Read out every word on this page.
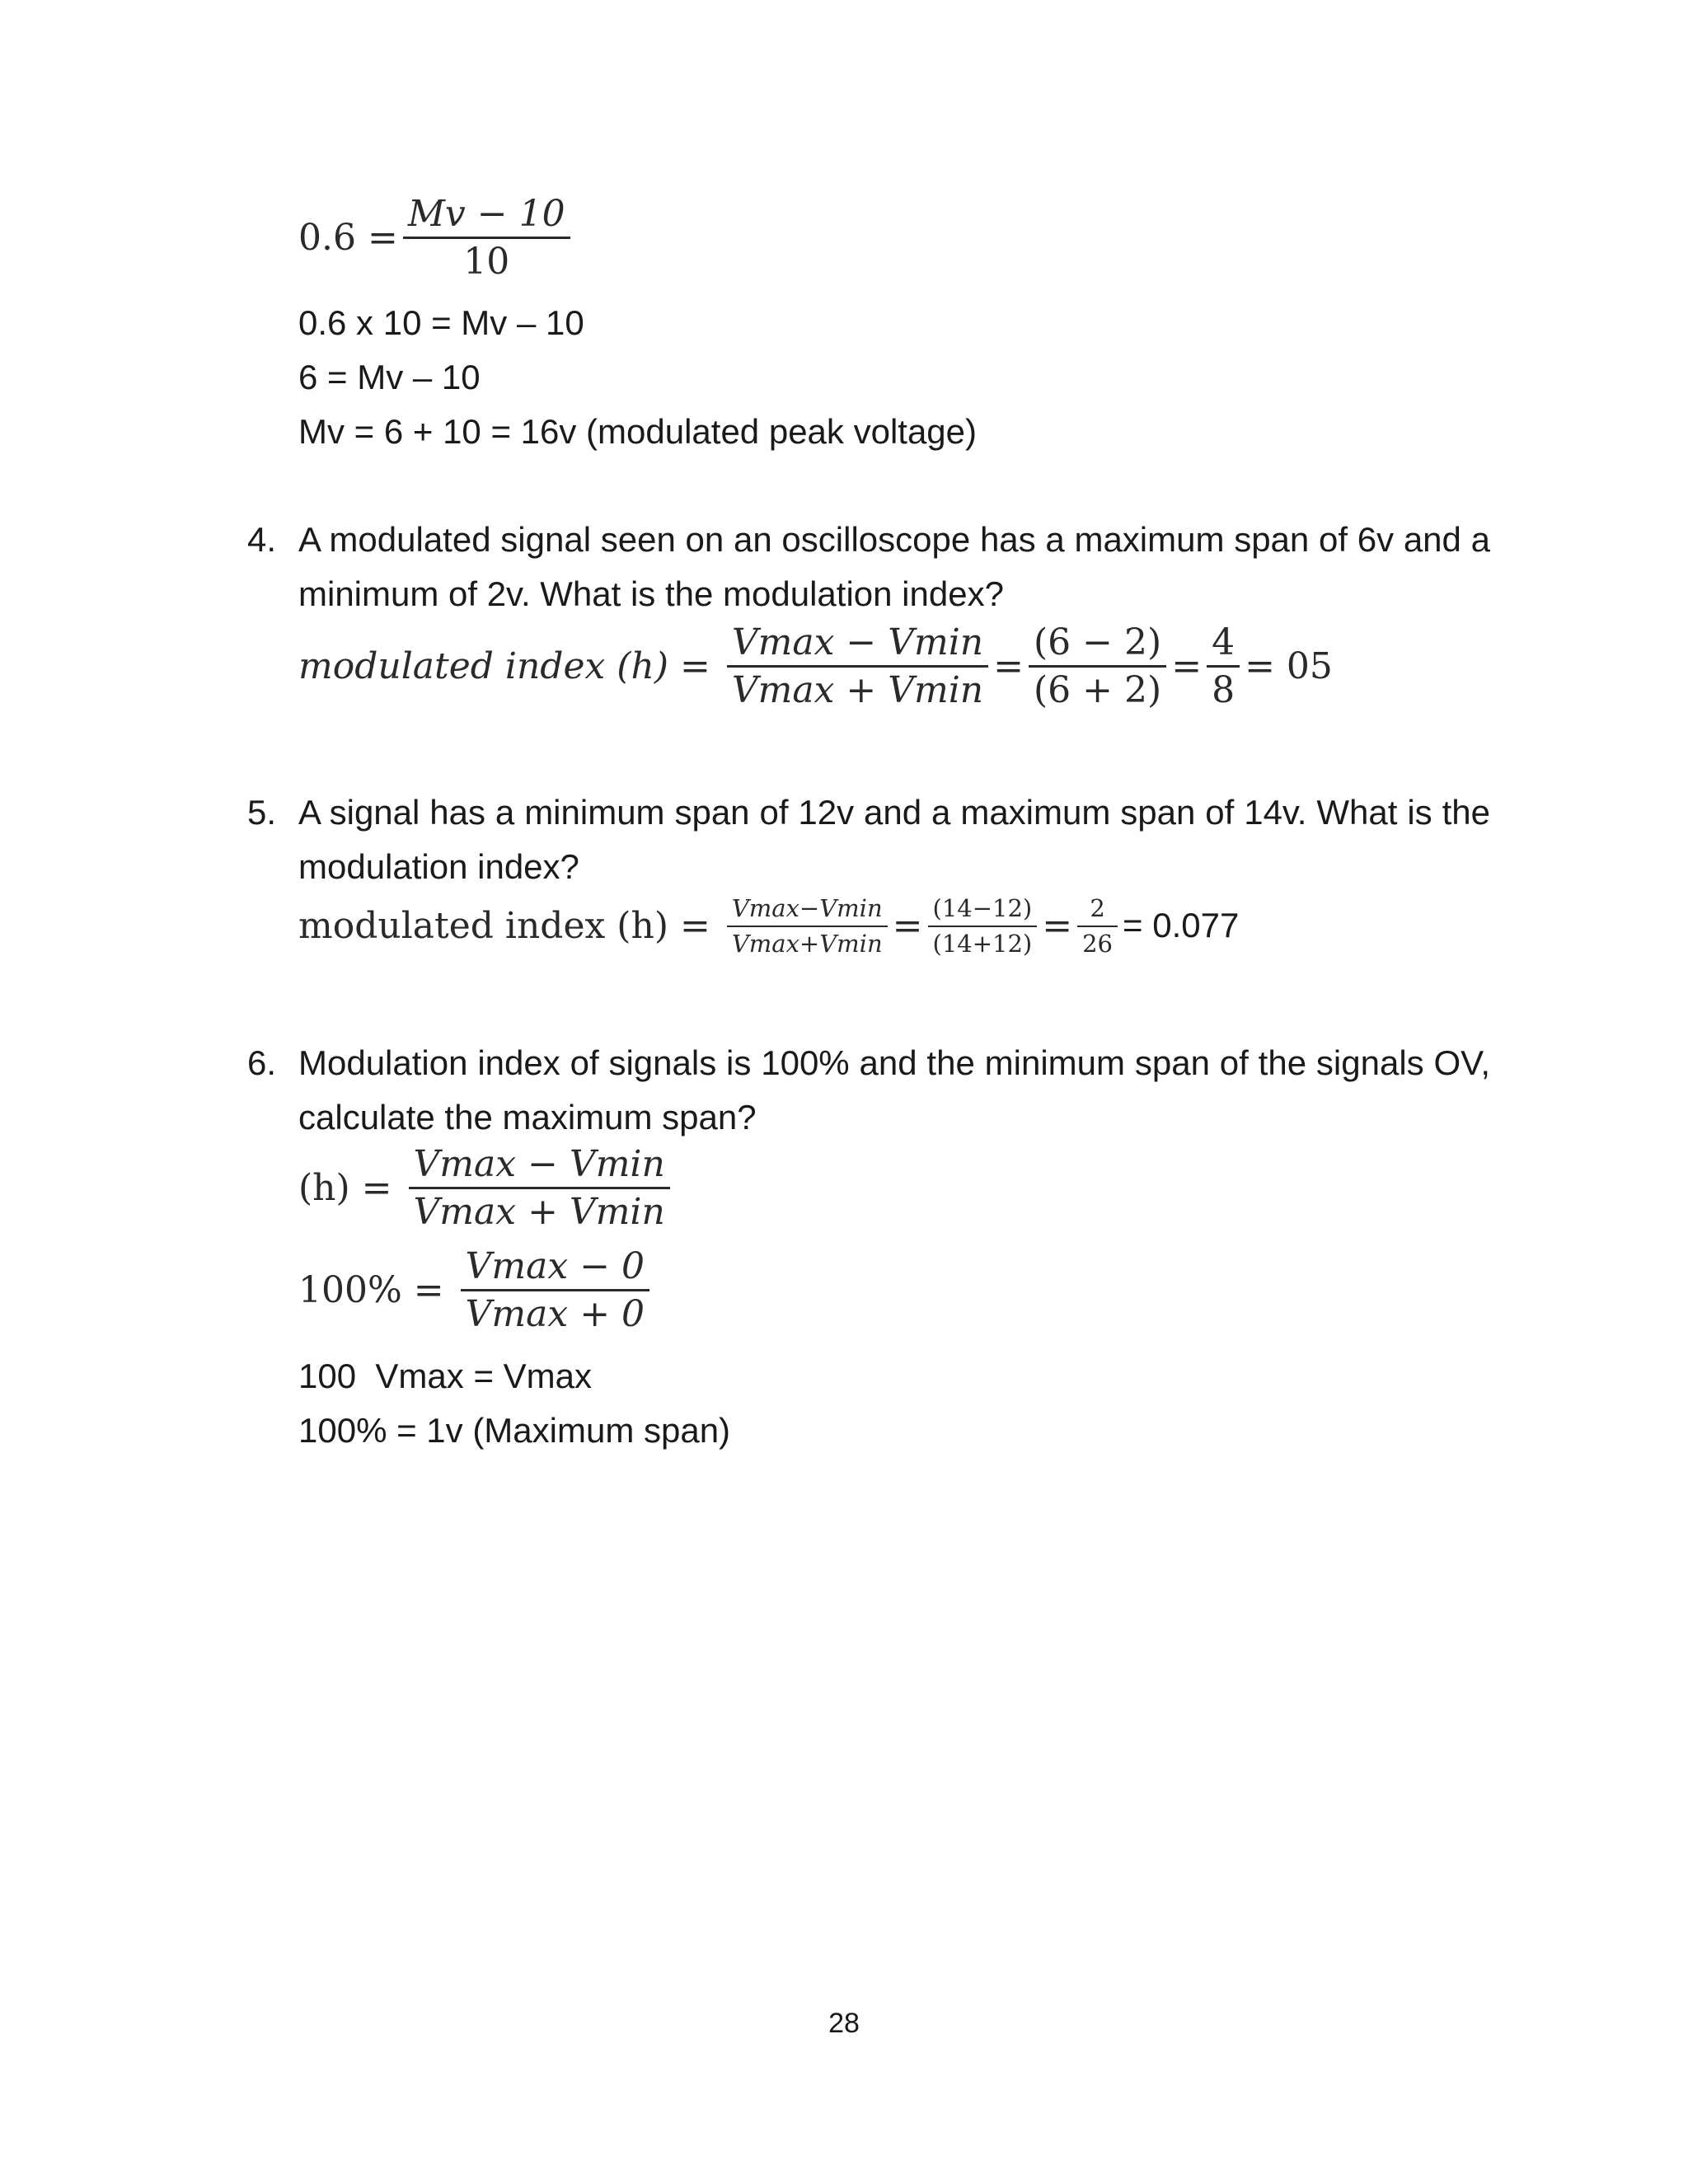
$0.6 = \frac{Mv - 10}{10}$
0.6 x 10 = Mv – 10
6 = Mv – 10
Mv = 6 + 10 = 16v (modulated peak voltage)
4. A modulated signal seen on an oscilloscope has a maximum span of 6v and a minimum of 2v. What is the modulation index?
modulated index $(h) = \frac{Vmax - Vmin}{Vmax + Vmin} = \frac{(6 - 2)}{(6 + 2)} = \frac{4}{8} = 05$
5. A signal has a minimum span of 12v and a maximum span of 14v. What is the modulation index?
modulated index $(h) = \frac{Vmax-Vmin}{Vmax+Vmin} = \frac{(14-12)}{(14+12)} = \frac{2}{26} = 0.077$
6. Modulation index of signals is 100% and the minimum span of the signals OV, calculate the maximum span?
$(h) = \frac{Vmax - Vmin}{Vmax + Vmin}$
$100\% = \frac{Vmax - 0}{Vmax + 0}$
100  Vmax = Vmax
100% = 1v (Maximum span)
28
